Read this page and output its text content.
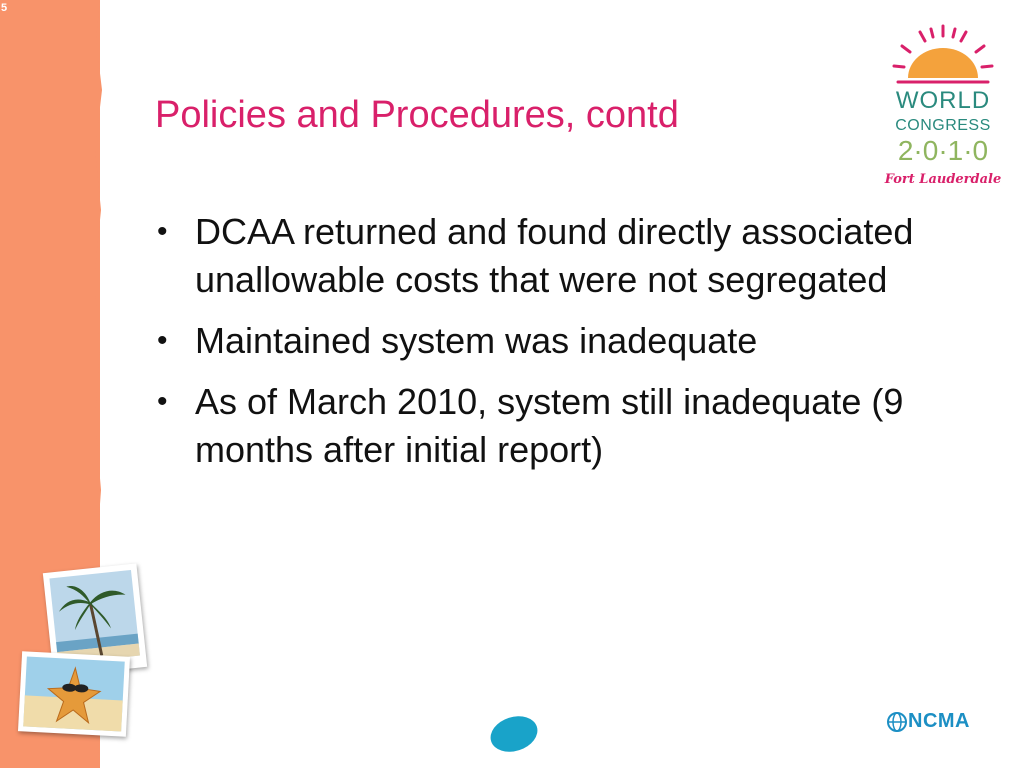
5
Policies and Procedures, contd
• DCAA returned and found directly associated unallowable costs that were not segregated
• Maintained system was inadequate
• As of March 2010, system still inadequate (9 months after initial report)
WORLD
CONGRESS
2·0·1·0
Fort Lauderdale
NCMA
